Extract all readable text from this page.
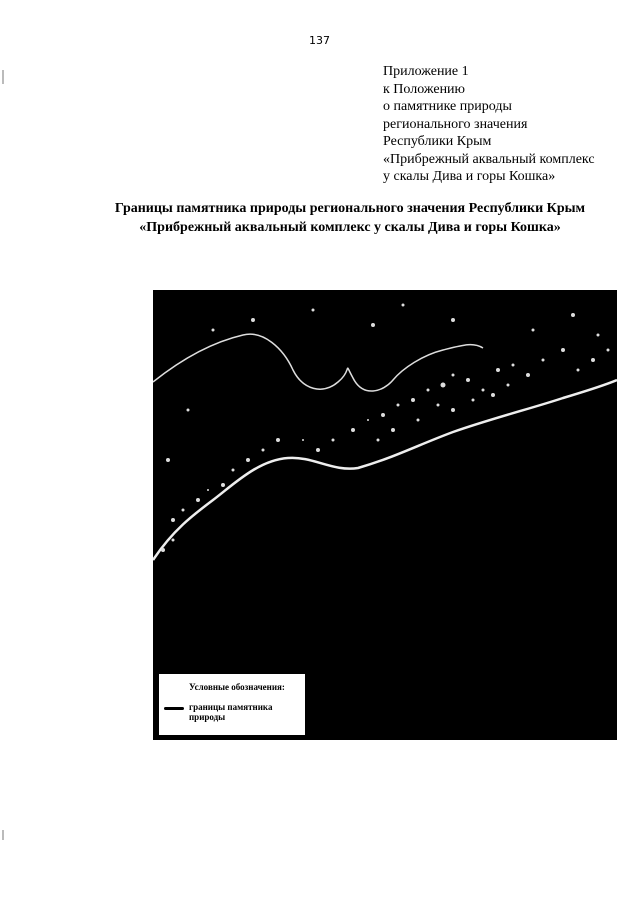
137
Приложение 1
к Положению
о памятнике природы
регионального значения
Республики Крым
«Прибрежный аквальный комплекс
у скалы Дива и горы Кошка»
Границы памятника природы регионального значения Республики Крым
«Прибрежный аквальный комплекс у скалы Дива и горы Кошка»
Условные обозначения:
границы памятника
природы
